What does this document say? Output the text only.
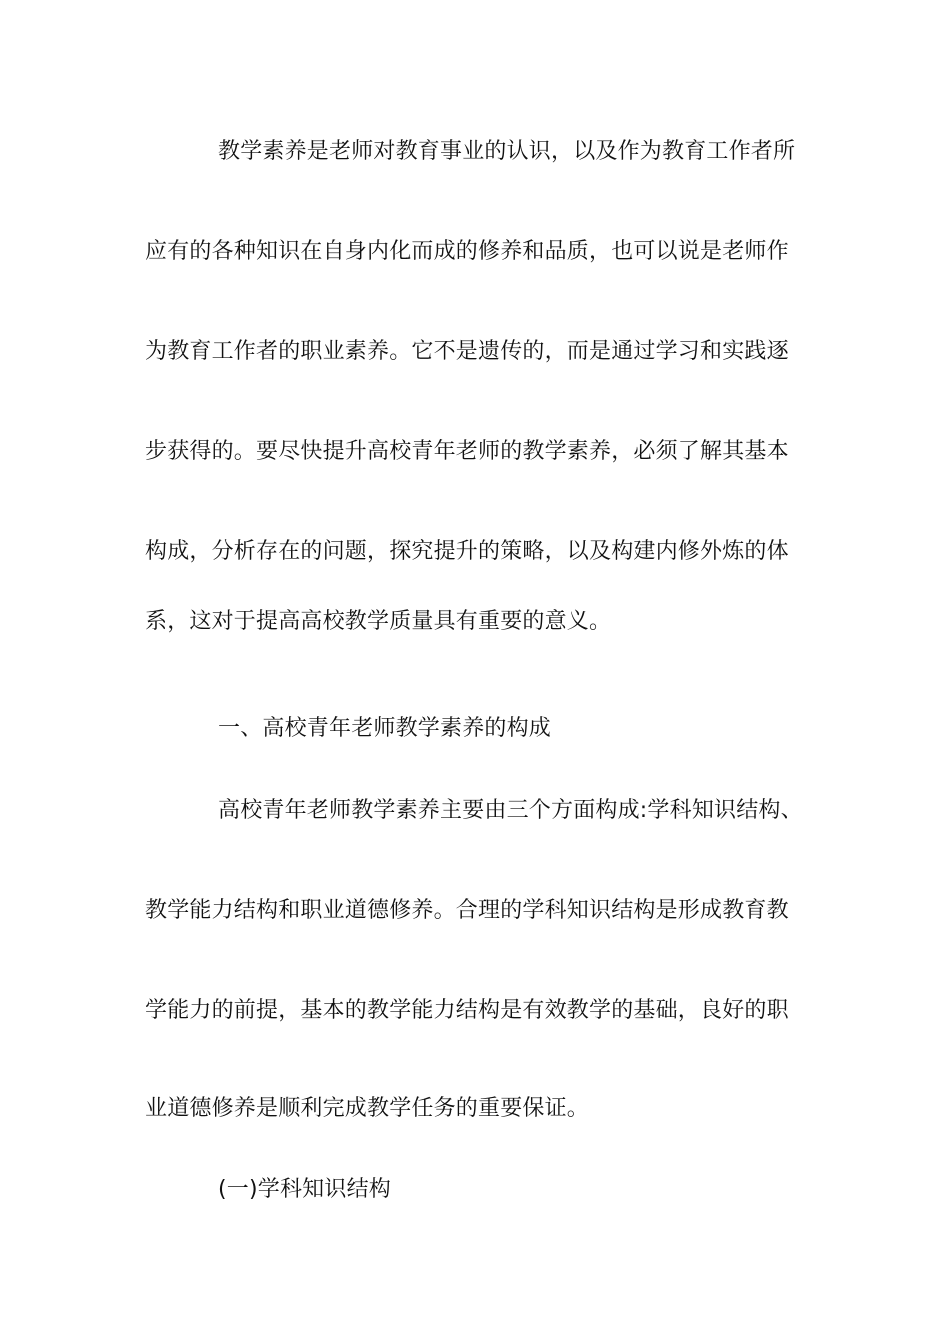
教学素养是老师对教育事业的认识，以及作为教育工作者所
应有的各种知识在自身内化而成的修养和品质，也可以说是老师作
为教育工作者的职业素养。它不是遗传的，而是通过学习和实践逐
步获得的。要尽快提升高校青年老师的教学素养，必须了解其基本
构成，分析存在的问题，探究提升的策略，以及构建内修外炼的体
系，这对于提高高校教学质量具有重要的意义。
一、高校青年老师教学素养的构成
高校青年老师教学素养主要由三个方面构成:学科知识结构、
教学能力结构和职业道德修养。合理的学科知识结构是形成教育教
学能力的前提，基本的教学能力结构是有效教学的基础，良好的职
业道德修养是顺利完成教学任务的重要保证。
(一)学科知识结构
